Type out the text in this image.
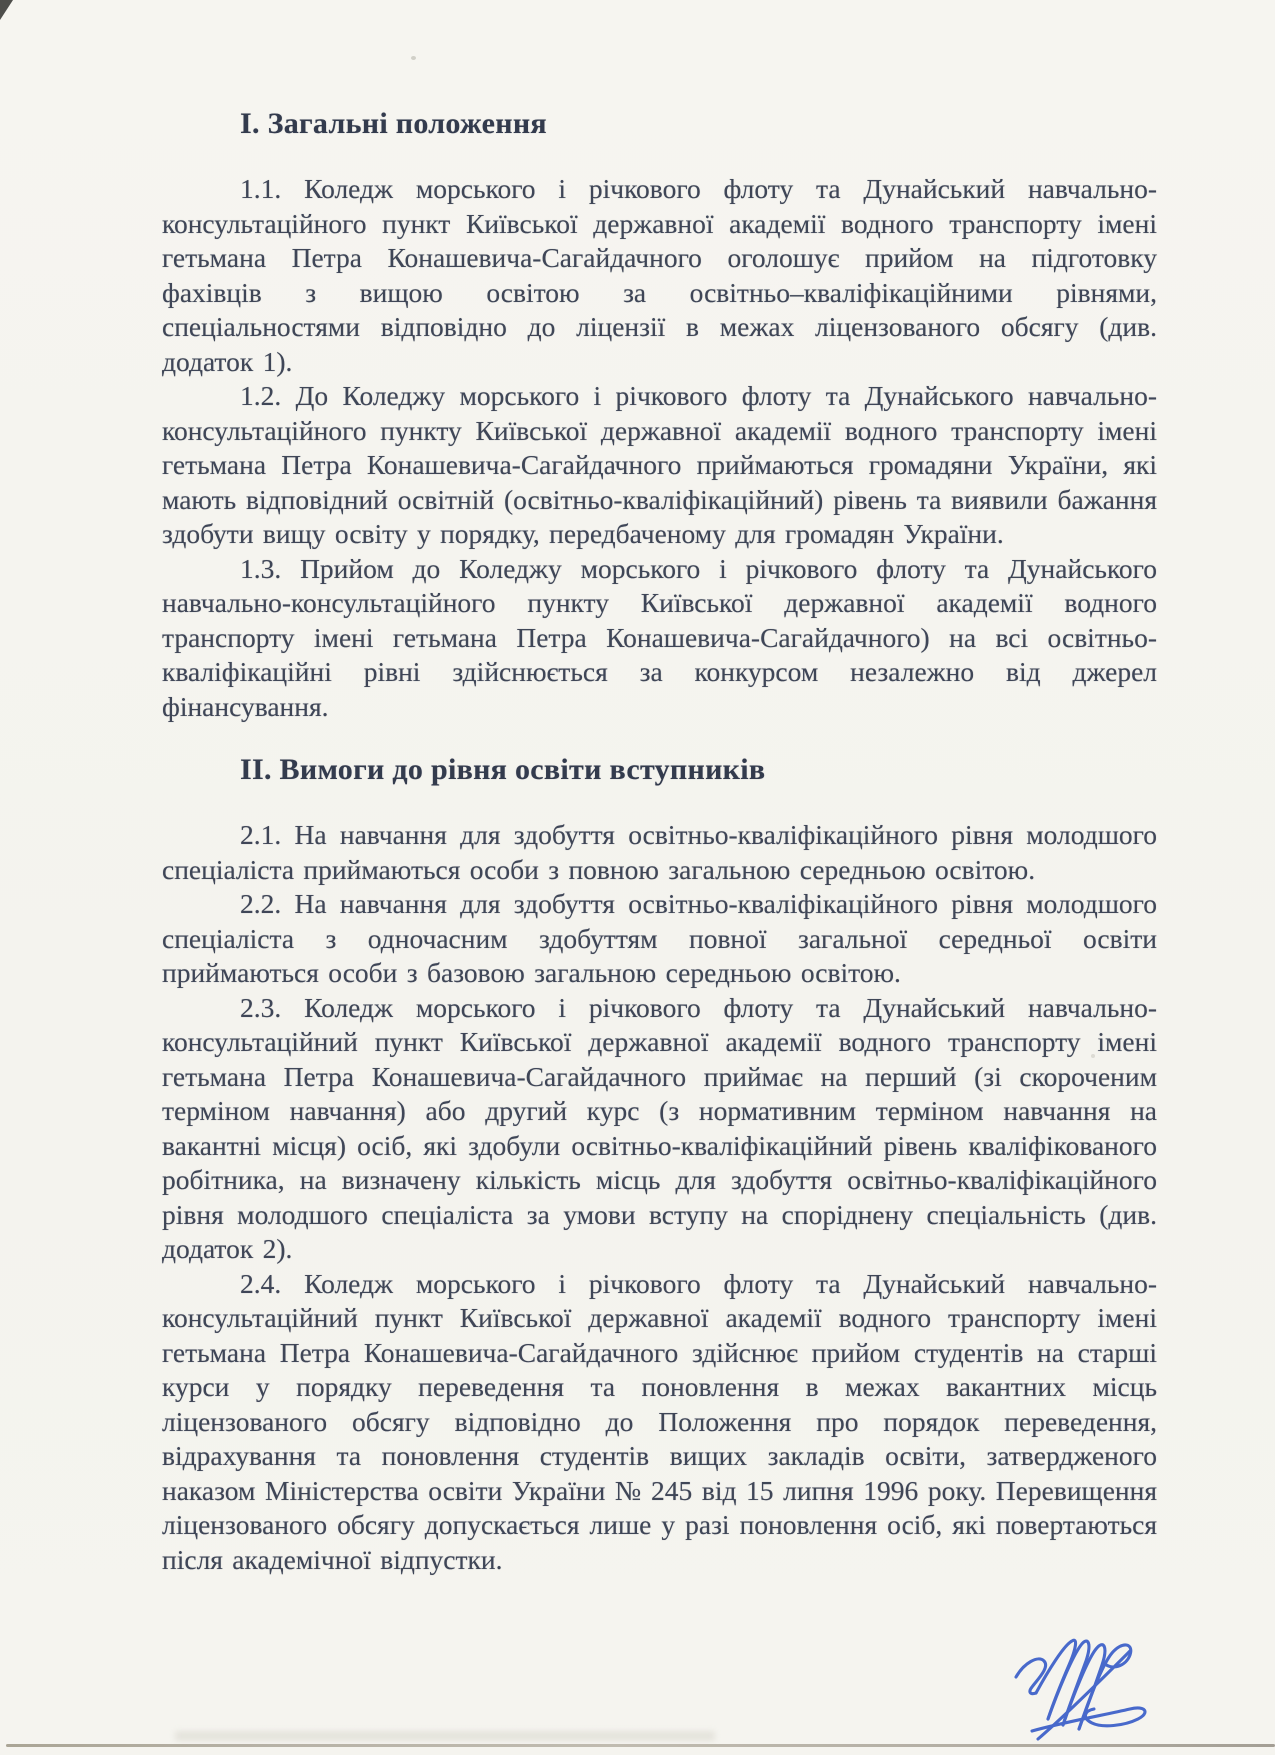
І. Загальні положення

1.1. Коледж морського і річкового флоту та Дунайський навчально-консультаційного пункт Київської державної академії водного транспорту імені гетьмана Петра Конашевича-Сагайдачного оголошує прийом на підготовку фахівців з вищою освітою за освітньо–кваліфікаційними рівнями, спеціальностями відповідно до ліцензії в межах ліцензованого обсягу (див. додаток 1).

1.2. До Коледжу морського і річкового флоту та Дунайського навчально-консультаційного пункту Київської державної академії водного транспорту імені гетьмана Петра Конашевича-Сагайдачного приймаються громадяни України, які мають відповідний освітній (освітньо-кваліфікаційний) рівень та виявили бажання здобути вищу освіту у порядку, передбаченому для громадян України.

1.3. Прийом до Коледжу морського і річкового флоту та Дунайського навчально-консультаційного пункту Київської державної академії водного транспорту імені гетьмана Петра Конашевича-Сагайдачного) на всі освітньо-кваліфікаційні рівні здійснюється за конкурсом незалежно від джерел фінансування.

ІІ. Вимоги до рівня освіти вступників

2.1. На навчання для здобуття освітньо-кваліфікаційного рівня молодшого спеціаліста приймаються особи з повною загальною середньою освітою.

2.2. На навчання для здобуття освітньо-кваліфікаційного рівня молодшого спеціаліста з одночасним здобуттям повної загальної середньої освіти приймаються особи з базовою загальною середньою освітою.

2.3. Коледж морського і річкового флоту та Дунайський навчально-консультаційний пункт Київської державної академії водного транспорту імені гетьмана Петра Конашевича-Сагайдачного приймає на перший (зі скороченим терміном навчання) або другий курс (з нормативним терміном навчання на вакантні місця) осіб, які здобули освітньо-кваліфікаційний рівень кваліфікованого робітника, на визначену кількість місць для здобуття освітньо-кваліфікаційного рівня молодшого спеціаліста за умови вступу на споріднену спеціальність (див. додаток 2).

2.4. Коледж морського і річкового флоту та Дунайський навчально-консультаційний пункт Київської державної академії водного транспорту імені гетьмана Петра Конашевича-Сагайдачного здійснює прийом студентів на старші курси у порядку переведення та поновлення в межах вакантних місць ліцензованого обсягу відповідно до Положення про порядок переведення, відрахування та поновлення студентів вищих закладів освіти, затвердженого наказом Міністерства освіти України № 245 від 15 липня 1996 року. Перевищення ліцензованого обсягу допускається лише у разі поновлення осіб, які повертаються після академічної відпустки.
